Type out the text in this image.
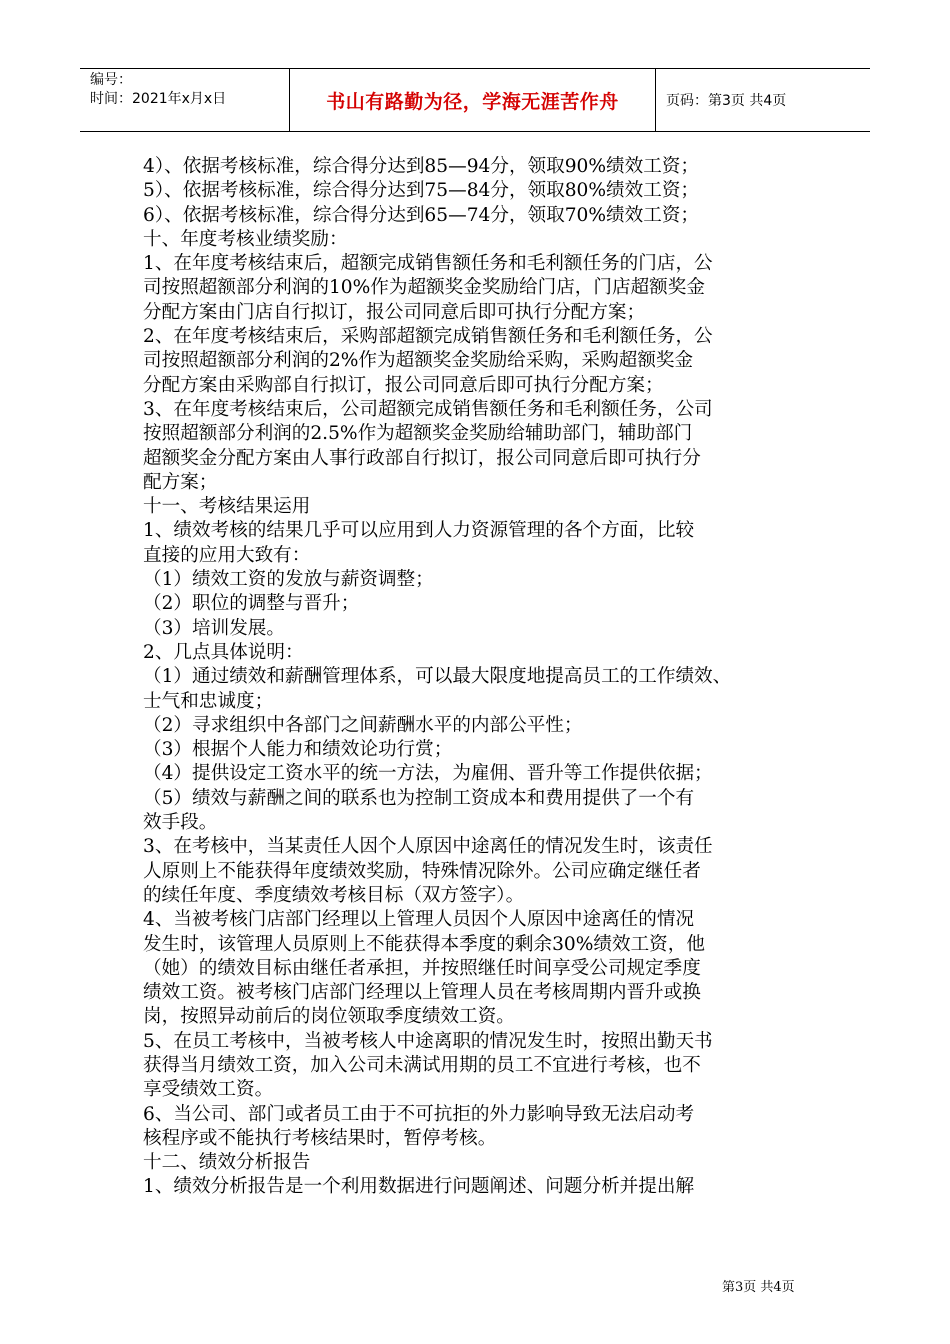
编号：
时间：2021年x月x日	书山有路勤为径，学海无涯苦作舟	页码：第3页 共4页
4）、依据考核标准，综合得分达到85—94分，领取90%绩效工资；
5）、依据考核标准，综合得分达到75—84分，领取80%绩效工资；
6）、依据考核标准，综合得分达到65—74分，领取70%绩效工资；
十、年度考核业绩奖励：
1、在年度考核结束后，超额完成销售额任务和毛利额任务的门店，公
司按照超额部分利润的10%作为超额奖金奖励给门店，门店超额奖金
分配方案由门店自行拟订，报公司同意后即可执行分配方案；
2、在年度考核结束后，采购部超额完成销售额任务和毛利额任务，公
司按照超额部分利润的2%作为超额奖金奖励给采购，采购超额奖金
分配方案由采购部自行拟订，报公司同意后即可执行分配方案；
3、在年度考核结束后，公司超额完成销售额任务和毛利额任务，公司
按照超额部分利润的2.5%作为超额奖金奖励给辅助部门，辅助部门
超额奖金分配方案由人事行政部自行拟订，报公司同意后即可执行分
配方案；
十一、考核结果运用
1、绩效考核的结果几乎可以应用到人力资源管理的各个方面，比较
直接的应用大致有：
（1）绩效工资的发放与薪资调整；
（2）职位的调整与晋升；
（3）培训发展。
2、几点具体说明：
（1）通过绩效和薪酬管理体系，可以最大限度地提高员工的工作绩效、
士气和忠诚度；
（2）寻求组织中各部门之间薪酬水平的内部公平性；
（3）根据个人能力和绩效论功行赏；
（4）提供设定工资水平的统一方法，为雇佣、晋升等工作提供依据；
（5）绩效与薪酬之间的联系也为控制工资成本和费用提供了一个有
效手段。
3、在考核中，当某责任人因个人原因中途离任的情况发生时，该责任
人原则上不能获得年度绩效奖励，特殊情况除外。公司应确定继任者
的续任年度、季度绩效考核目标（双方签字）。
4、当被考核门店部门经理以上管理人员因个人原因中途离任的情况
发生时，该管理人员原则上不能获得本季度的剩余30%绩效工资，他
（她）的绩效目标由继任者承担，并按照继任时间享受公司规定季度
绩效工资。被考核门店部门经理以上管理人员在考核周期内晋升或换
岗，按照异动前后的岗位领取季度绩效工资。
5、在员工考核中，当被考核人中途离职的情况发生时，按照出勤天书
获得当月绩效工资，加入公司未满试用期的员工不宜进行考核，也不
享受绩效工资。
6、当公司、部门或者员工由于不可抗拒的外力影响导致无法启动考
核程序或不能执行考核结果时，暂停考核。
十二、绩效分析报告
1、绩效分析报告是一个利用数据进行问题阐述、问题分析并提出解
第3页 共4页
